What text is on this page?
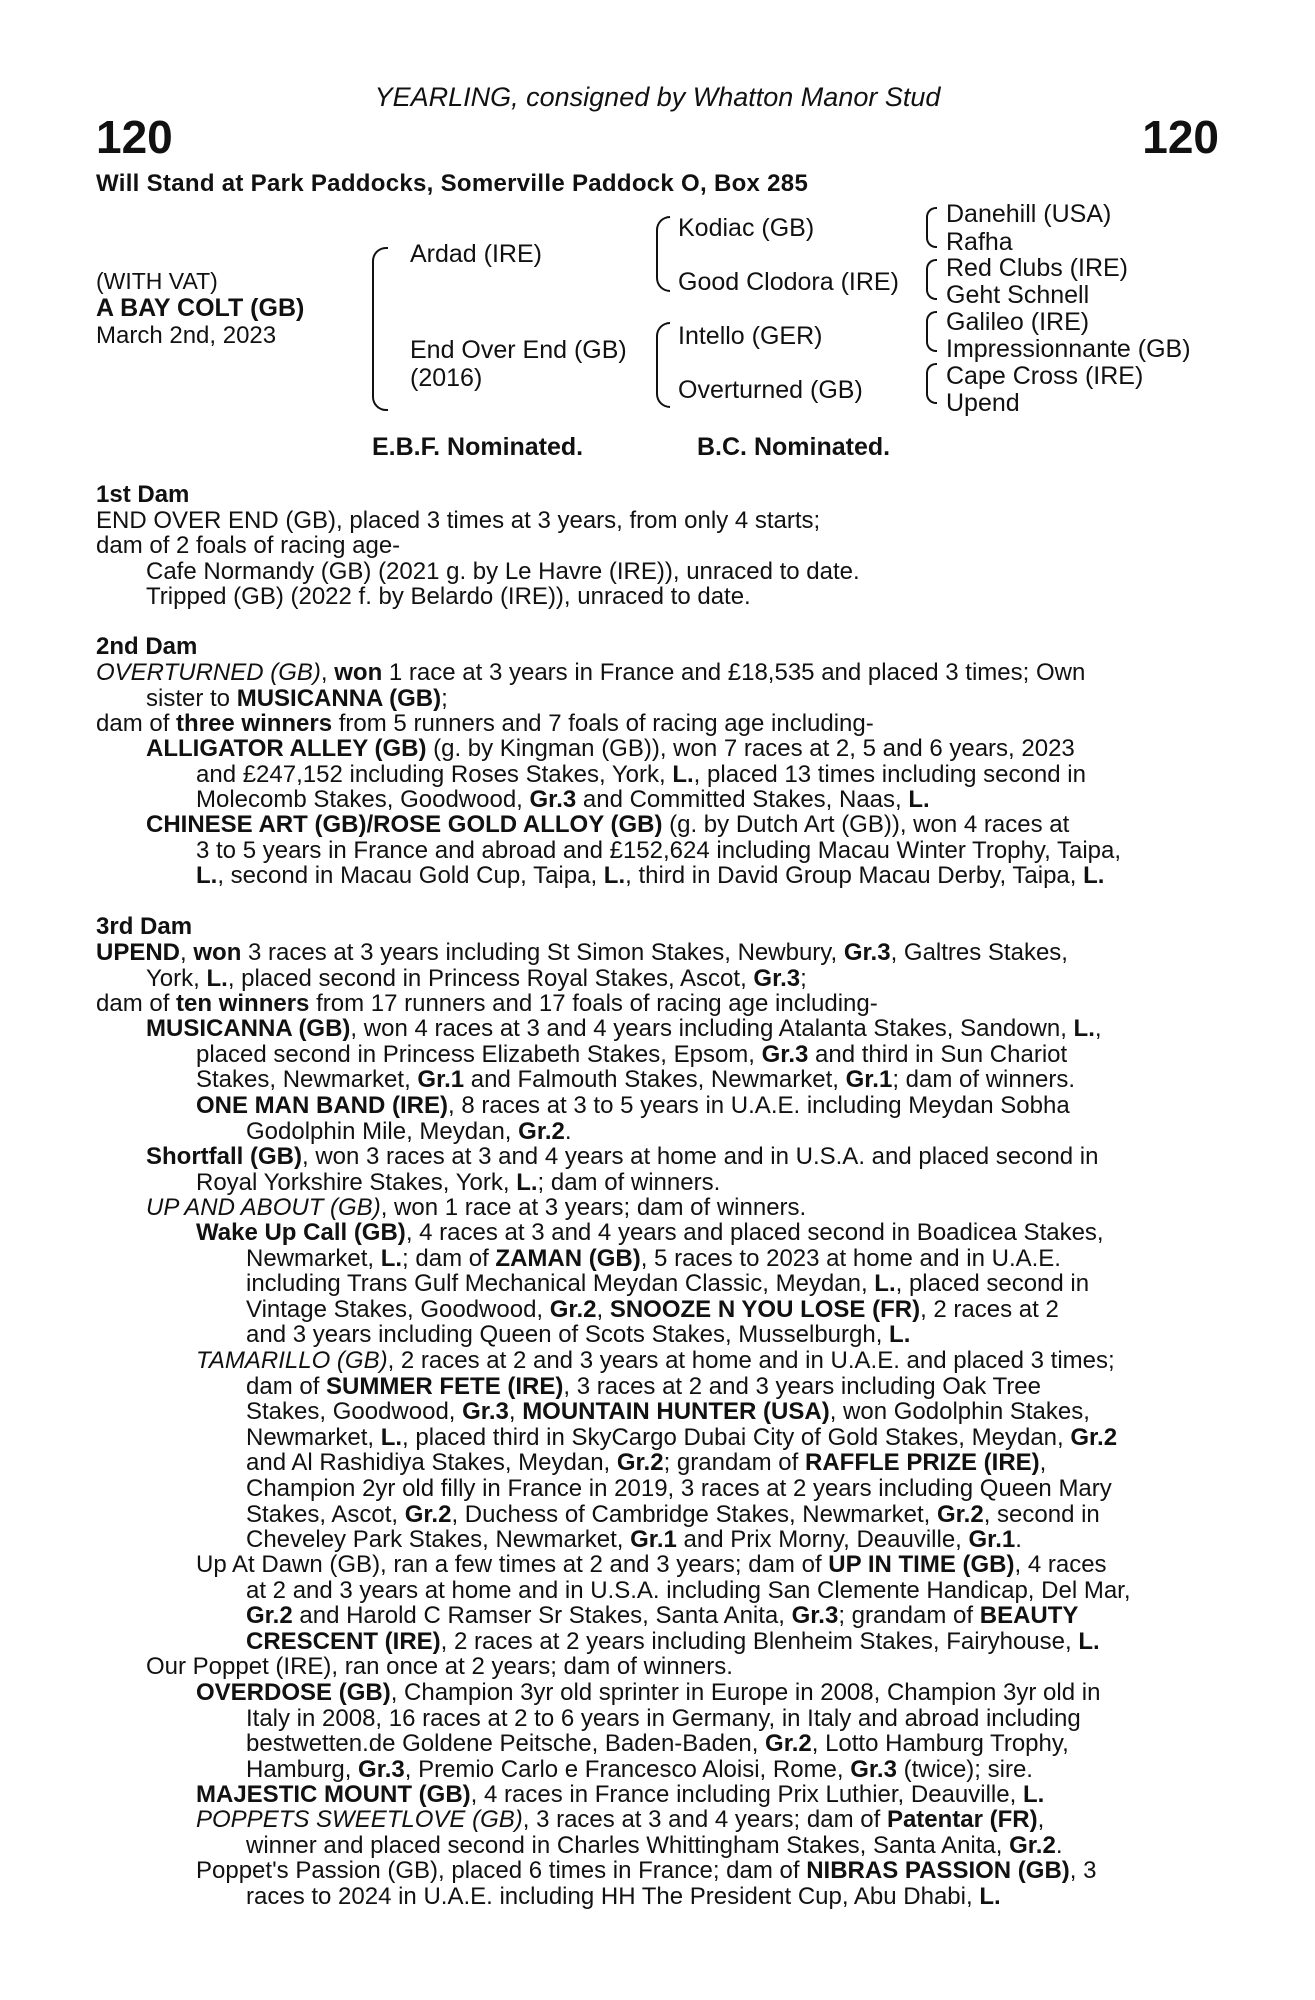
YEARLING, consigned by Whatton Manor Stud
120	120
Will Stand at Park Paddocks, Somerville Paddock O, Box 285
(WITH VAT)
A BAY COLT (GB)
March 2nd, 2023
Ardad (IRE)
End Over End (GB)
(2016)
Kodiac (GB)
Good Clodora (IRE)
Intello (GER)
Overturned (GB)
Danehill (USA)
Rafha
Red Clubs (IRE)
Geht Schnell
Galileo (IRE)
Impressionnante (GB)
Cape Cross (IRE)
Upend
E.B.F. Nominated.	B.C. Nominated.
1st Dam
END OVER END (GB), placed 3 times at 3 years, from only 4 starts;
dam of 2 foals of racing age-
Cafe Normandy (GB) (2021 g. by Le Havre (IRE)), unraced to date.
Tripped (GB) (2022 f. by Belardo (IRE)), unraced to date.
2nd Dam
OVERTURNED (GB), won 1 race at 3 years in France and £18,535 and placed 3 times; Own
sister to MUSICANNA (GB);
dam of three winners from 5 runners and 7 foals of racing age including-
ALLIGATOR ALLEY (GB) (g. by Kingman (GB)), won 7 races at 2, 5 and 6 years, 2023
and £247,152 including Roses Stakes, York, L., placed 13 times including second in
Molecomb Stakes, Goodwood, Gr.3 and Committed Stakes, Naas, L.
CHINESE ART (GB)/ROSE GOLD ALLOY (GB) (g. by Dutch Art (GB)), won 4 races at
3 to 5 years in France and abroad and £152,624 including Macau Winter Trophy, Taipa,
L., second in Macau Gold Cup, Taipa, L., third in David Group Macau Derby, Taipa, L.
3rd Dam
UPEND, won 3 races at 3 years including St Simon Stakes, Newbury, Gr.3, Galtres Stakes,
York, L., placed second in Princess Royal Stakes, Ascot, Gr.3;
dam of ten winners from 17 runners and 17 foals of racing age including-
MUSICANNA (GB), won 4 races at 3 and 4 years including Atalanta Stakes, Sandown, L.,
placed second in Princess Elizabeth Stakes, Epsom, Gr.3 and third in Sun Chariot
Stakes, Newmarket, Gr.1 and Falmouth Stakes, Newmarket, Gr.1; dam of winners.
ONE MAN BAND (IRE), 8 races at 3 to 5 years in U.A.E. including Meydan Sobha
Godolphin Mile, Meydan, Gr.2.
Shortfall (GB), won 3 races at 3 and 4 years at home and in U.S.A. and placed second in
Royal Yorkshire Stakes, York, L.; dam of winners.
UP AND ABOUT (GB), won 1 race at 3 years; dam of winners.
Wake Up Call (GB), 4 races at 3 and 4 years and placed second in Boadicea Stakes,
Newmarket, L.; dam of ZAMAN (GB), 5 races to 2023 at home and in U.A.E.
including Trans Gulf Mechanical Meydan Classic, Meydan, L., placed second in
Vintage Stakes, Goodwood, Gr.2, SNOOZE N YOU LOSE (FR), 2 races at 2
and 3 years including Queen of Scots Stakes, Musselburgh, L.
TAMARILLO (GB), 2 races at 2 and 3 years at home and in U.A.E. and placed 3 times;
dam of SUMMER FETE (IRE), 3 races at 2 and 3 years including Oak Tree
Stakes, Goodwood, Gr.3, MOUNTAIN HUNTER (USA), won Godolphin Stakes,
Newmarket, L., placed third in SkyCargo Dubai City of Gold Stakes, Meydan, Gr.2
and Al Rashidiya Stakes, Meydan, Gr.2; grandam of RAFFLE PRIZE (IRE),
Champion 2yr old filly in France in 2019, 3 races at 2 years including Queen Mary
Stakes, Ascot, Gr.2, Duchess of Cambridge Stakes, Newmarket, Gr.2, second in
Cheveley Park Stakes, Newmarket, Gr.1 and Prix Morny, Deauville, Gr.1.
Up At Dawn (GB), ran a few times at 2 and 3 years; dam of UP IN TIME (GB), 4 races
at 2 and 3 years at home and in U.S.A. including San Clemente Handicap, Del Mar,
Gr.2 and Harold C Ramser Sr Stakes, Santa Anita, Gr.3; grandam of BEAUTY
CRESCENT (IRE), 2 races at 2 years including Blenheim Stakes, Fairyhouse, L.
Our Poppet (IRE), ran once at 2 years; dam of winners.
OVERDOSE (GB), Champion 3yr old sprinter in Europe in 2008, Champion 3yr old in
Italy in 2008, 16 races at 2 to 6 years in Germany, in Italy and abroad including
bestwetten.de Goldene Peitsche, Baden-Baden, Gr.2, Lotto Hamburg Trophy,
Hamburg, Gr.3, Premio Carlo e Francesco Aloisi, Rome, Gr.3 (twice); sire.
MAJESTIC MOUNT (GB), 4 races in France including Prix Luthier, Deauville, L.
POPPETS SWEETLOVE (GB), 3 races at 3 and 4 years; dam of Patentar (FR),
winner and placed second in Charles Whittingham Stakes, Santa Anita, Gr.2.
Poppet's Passion (GB), placed 6 times in France; dam of NIBRAS PASSION (GB), 3
races to 2024 in U.A.E. including HH The President Cup, Abu Dhabi, L.
